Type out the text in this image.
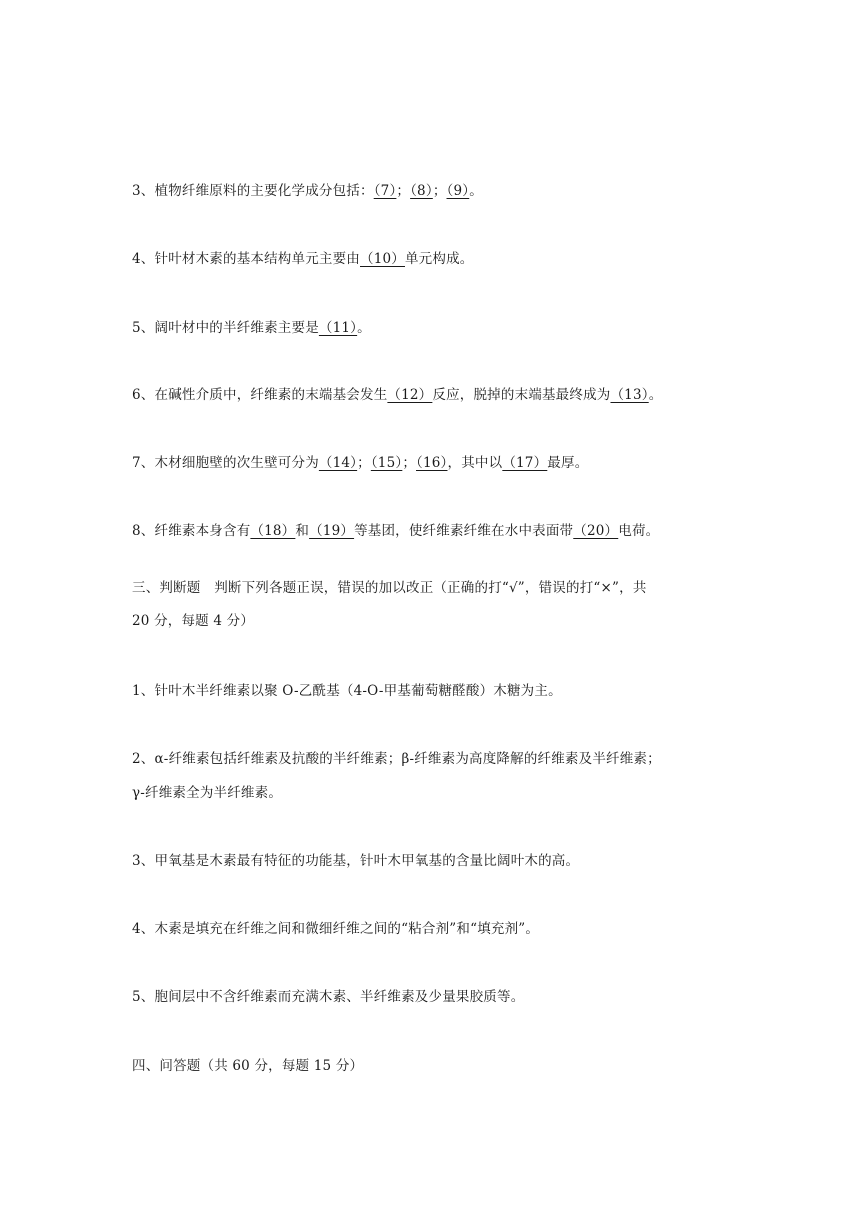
3、植物纤维原料的主要化学成分包括：（7）；（8）；（9）。
4、针叶材木素的基本结构单元主要由（10）单元构成。
5、阔叶材中的半纤维素主要是（11）。
6、在碱性介质中，纤维素的末端基会发生（12）反应，脱掉的末端基最终成为（13）。
7、木材细胞壁的次生壁可分为（14）；（15）；（16），其中以（17）最厚。
8、纤维素本身含有（18）和（19）等基团，使纤维素纤维在水中表面带（20）电荷。
三、判断题　判断下列各题正误，错误的加以改正（正确的打“√”，错误的打“×”，共
20 分，每题 4 分）
1、针叶木半纤维素以聚 O-乙酰基（4-O-甲基葡萄糖醛酸）木糖为主。
2、α-纤维素包括纤维素及抗酸的半纤维素；β-纤维素为高度降解的纤维素及半纤维素；
γ-纤维素全为半纤维素。
3、甲氧基是木素最有特征的功能基，针叶木甲氧基的含量比阔叶木的高。
4、木素是填充在纤维之间和微细纤维之间的“粘合剂”和“填充剂”。
5、胞间层中不含纤维素而充满木素、半纤维素及少量果胶质等。
四、问答题（共 60 分，每题 15 分）
